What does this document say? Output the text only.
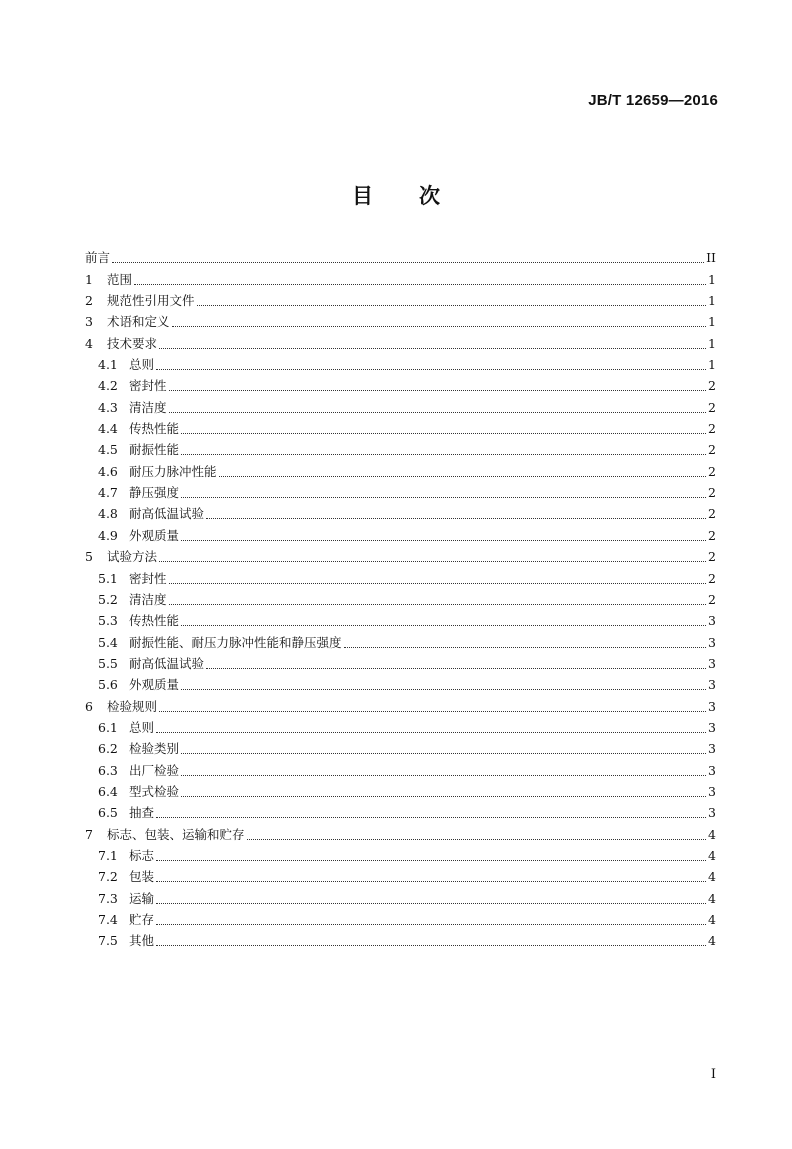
JB/T 12659—2016
目 次
前言	II
1	范围	1
2	规范性引用文件	1
3	术语和定义	1
4	技术要求	1
4.1 总则	1
4.2 密封性	2
4.3 清洁度	2
4.4 传热性能	2
4.5 耐振性能	2
4.6 耐压力脉冲性能	2
4.7 静压强度	2
4.8 耐高低温试验	2
4.9 外观质量	2
5	试验方法	2
5.1 密封性	2
5.2 清洁度	2
5.3 传热性能	3
5.4 耐振性能、耐压力脉冲性能和静压强度	3
5.5 耐高低温试验	3
5.6 外观质量	3
6	检验规则	3
6.1 总则	3
6.2 检验类别	3
6.3 出厂检验	3
6.4 型式检验	3
6.5 抽查	3
7	标志、包装、运输和贮存	4
7.1 标志	4
7.2 包装	4
7.3 运输	4
7.4 贮存	4
7.5 其他	4
I
